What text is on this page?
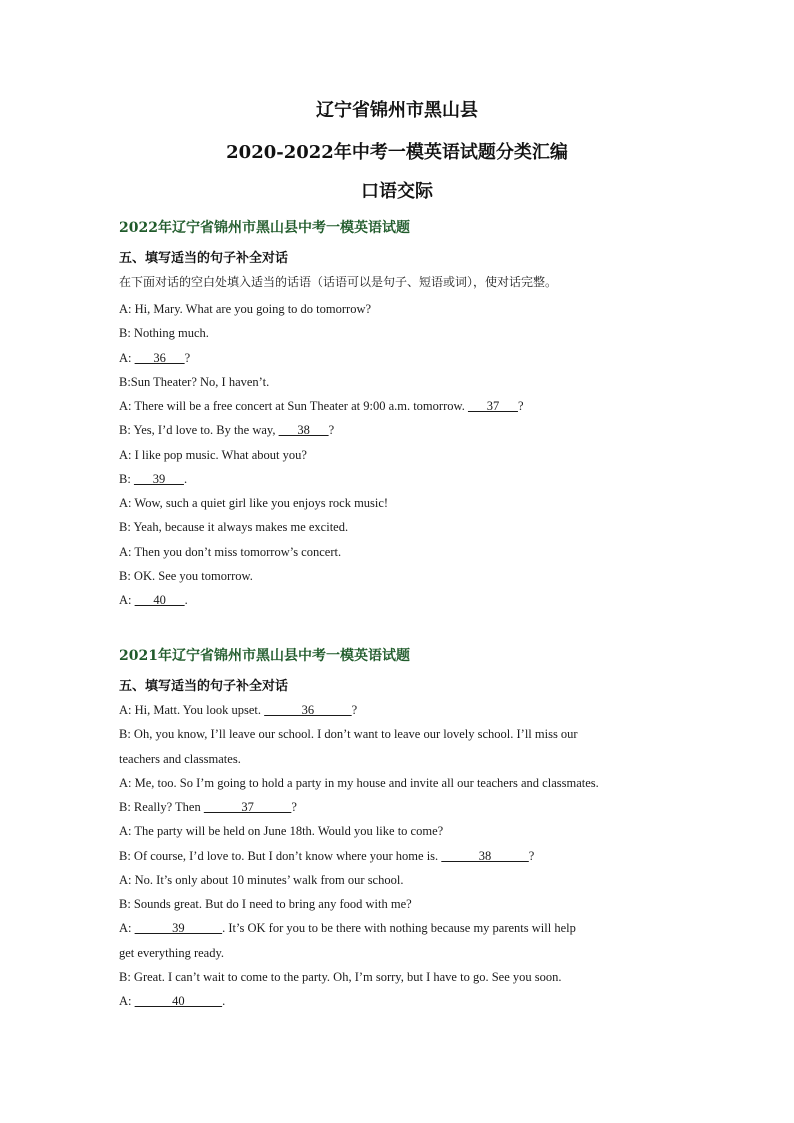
辽宁省锦州市黑山县
2020-2022年中考一模英语试题分类汇编
口语交际
2022年辽宁省锦州市黑山县中考一模英语试题
五、填写适当的句子补全对话
在下面对话的空白处填入适当的话语（话语可以是句子、短语或词），使对话完整。
A: Hi, Mary. What are you going to do tomorrow?
B: Nothing much.
A:       36      ?
B:Sun Theater? No, I haven’t.
A: There will be a free concert at Sun Theater at 9:00 a.m. tomorrow.       37      ?
B: Yes, I’d love to. By the way,       38      ?
A: I like pop music. What about you?
B:       39      .
A: Wow, such a quiet girl like you enjoys rock music!
B: Yeah, because it always makes me excited.
A: Then you don’t miss tomorrow’s concert.
B: OK. See you tomorrow.
A:       40      .
2021年辽宁省锦州市黑山县中考一模英语试题
五、填写适当的句子补全对话
A: Hi, Matt. You look upset.             36            ?
B: Oh, you know, I’ll leave our school. I don’t want to leave our lovely school. I’ll miss our
teachers and classmates.
A: Me, too. So I’m going to hold a party in my house and invite all our teachers and classmates.
B: Really? Then             37            ?
A: The party will be held on June 18th. Would you like to come?
B: Of course, I’d love to. But I don’t know where your home is.             38            ?
A: No. It’s only about 10 minutes’ walk from our school.
B: Sounds great. But do I need to bring any food with me?
A:             39            . It’s OK for you to be there with nothing because my parents will help
get everything ready.
B: Great. I can’t wait to come to the party. Oh, I’m sorry, but I have to go. See you soon.
A:             40            .
